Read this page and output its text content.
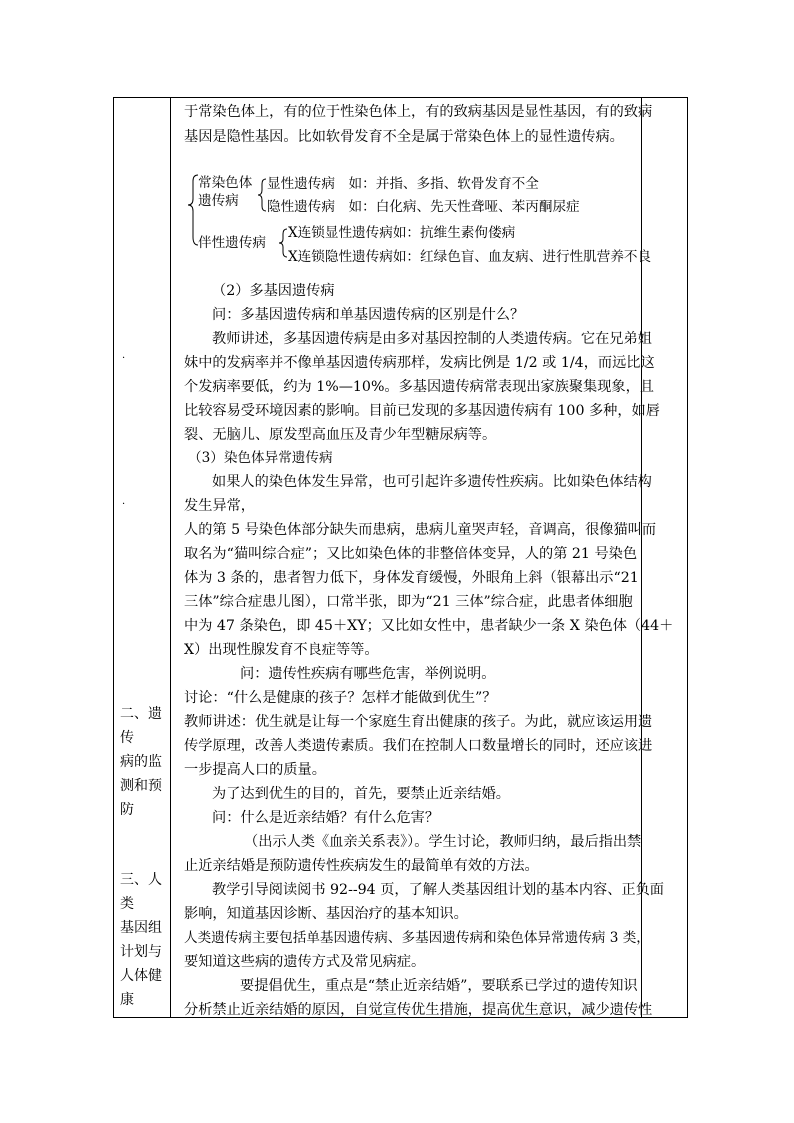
·
·
二、遗传
病的监
测和预
防
三、人类
基因组
计划与
人体健
康
于常染色体上，有的位于性染色体上，有的致病基因是显性基因，有的致病
基因是隐性基因。比如软骨发育不全是属于常染色体上的显性遗传病。
常染色体
遗传病
显性遗传病　如：并指、多指、软骨发育不全
隐性遗传病　如：白化病、先天性聋哑、苯丙酮尿症
伴性遗传病
X连锁显性遗传病如：抗维生素佝偻病
X连锁隐性遗传病如：红绿色盲、血友病、进行性肌营养不良
（2）多基因遗传病
问：多基因遗传病和单基因遗传病的区别是什么？
教师讲述，多基因遗传病是由多对基因控制的人类遗传病。它在兄弟姐
妹中的发病率并不像单基因遗传病那样，发病比例是 1/2 或 1/4，而远比这
个发病率要低，约为 1%—10%。多基因遗传病常表现出家族聚集现象，且
比较容易受环境因素的影响。目前已发现的多基因遗传病有 100 多种，如唇
裂、无脑儿、原发型高血压及青少年型糖尿病等。
（3）染色体异常遗传病
如果人的染色体发生异常，也可引起许多遗传性疾病。比如染色体结构
发生异常，
人的第 5 号染色体部分缺失而患病，患病儿童哭声轻，音调高，很像猫叫而
取名为“猫叫综合症”；又比如染色体的非整倍体变异，人的第 21 号染色
体为 3 条的，患者智力低下，身体发育缓慢，外眼角上斜（银幕出示“21
三体”综合症患儿图），口常半张，即为“21 三体”综合症，此患者体细胞
中为 47 条染色，即 45＋XY；又比如女性中，患者缺少一条 X 染色体（44＋
X）出现性腺发育不良症等等。
问：遗传性疾病有哪些危害，举例说明。
讨论：“什么是健康的孩子？怎样才能做到优生”？
教师讲述：优生就是让每一个家庭生育出健康的孩子。为此，就应该运用遗
传学原理，改善人类遗传素质。我们在控制人口数量增长的同时，还应该进
一步提高人口的质量。
为了达到优生的目的，首先，要禁止近亲结婚。
问：什么是近亲结婚？有什么危害？
（出示人类《血亲关系表》）。学生讨论，教师归纳，最后指出禁
止近亲结婚是预防遗传性疾病发生的最简单有效的方法。
教学引导阅读阅书 92--94 页，了解人类基因组计划的基本内容、正负面
影响，知道基因诊断、基因治疗的基本知识。
人类遗传病主要包括单基因遗传病、多基因遗传病和染色体异常遗传病 3 类，
要知道这些病的遗传方式及常见病症。
要提倡优生，重点是“禁止近亲结婚”，要联系已学过的遗传知识
分析禁止近亲结婚的原因，自觉宣传优生措施，提高优生意识，减少遗传性
